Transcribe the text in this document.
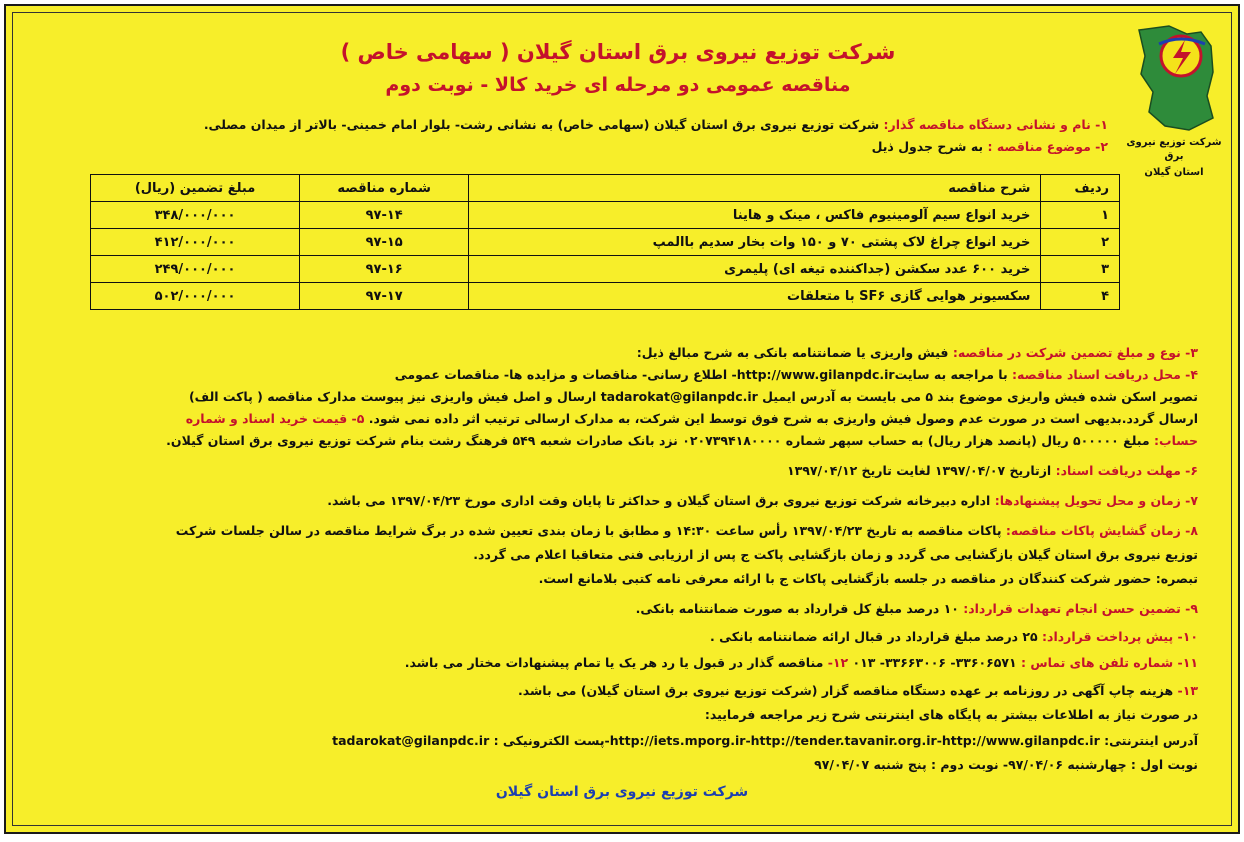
شرکت توزیع نیروی برق
استان گیلان
شرکت توزیع نیروی برق استان گیلان ( سهامی خاص )
مناقصه عمومی دو مرحله ای خرید کالا - نوبت دوم
۱- نام و نشانی دستگاه مناقصه گذار: شرکت توزیع نیروی برق استان گیلان (سهامی خاص) به نشانی رشت- بلوار امام خمینی- بالاتر از میدان مصلی.
۲- موضوع مناقصه : به شرح جدول ذیل
ردیف	شرح مناقصه	شماره مناقصه	مبلغ تضمین (ریال)
۱	خرید انواع سیم آلومینیوم فاکس ، مینک و هاینا	۹۷-۱۴	۳۴۸/۰۰۰/۰۰۰
۲	خرید انواع چراغ لاک پشتی ۷۰ و ۱۵۰ وات بخار سدیم باالمپ	۹۷-۱۵	۴۱۲/۰۰۰/۰۰۰
۳	خرید ۶۰۰ عدد سکشن (جداکننده تیغه ای) پلیمری	۹۷-۱۶	۲۴۹/۰۰۰/۰۰۰
۴	سکسیونر هوایی گازی SF۶ با متعلقات	۹۷-۱۷	۵۰۲/۰۰۰/۰۰۰
۳- نوع و مبلغ تضمین شرکت در مناقصه: فیش واریزی یا ضمانتنامه بانکی به شرح مبالغ ذیل:
۴- محل دریافت اسناد مناقصه: با مراجعه به سایتhttp://www.gilanpdc.ir- اطلاع رسانی- مناقصات و مزایده ها- مناقصات عمومی
تصویر اسکن شده فیش واریزی موضوع بند ۵ می بایست به آدرس ایمیل tadarokat@gilanpdc.ir ارسال و اصل فیش واریزی نیز پیوست مدارک مناقصه ( پاکت الف)
ارسال گردد.بدیهی است در صورت عدم وصول فیش واریزی به شرح فوق توسط این شرکت، به مدارک ارسالی ترتیب اثر داده نمی شود. ۵- قیمت خرید اسناد و شماره
حساب: مبلغ ۵۰۰۰۰۰ ریال (پانصد هزار ریال) به حساب سپهر شماره ۰۲۰۷۳۹۴۱۸۰۰۰۰ نزد بانک صادرات شعبه ۵۴۹ فرهنگ رشت بنام شرکت توزیع نیروی برق استان گیلان.
۶- مهلت دریافت اسناد: ازتاریخ ۱۳۹۷/۰۴/۰۷ لغایت تاریخ ۱۳۹۷/۰۴/۱۲
۷- زمان و محل تحویل پیشنهادها: اداره دبیرخانه شرکت توزیع نیروی برق استان گیلان و حداکثر تا پایان وقت اداری مورخ ۱۳۹۷/۰۴/۲۳ می باشد.
۸- زمان گشایش پاکات مناقصه: پاکات مناقصه به تاریخ ۱۳۹۷/۰۴/۲۳ رأس ساعت ۱۴:۳۰ و مطابق با زمان بندی تعیین شده در برگ شرایط مناقصه در سالن جلسات شرکت
توزیع نیروی برق استان گیلان بازگشایی می گردد و زمان بازگشایی پاکت ج پس از ارزیابی فنی متعاقبا اعلام می گردد.
تبصره: حضور شرکت کنندگان در مناقصه در جلسه بازگشایی پاکات ج با ارائه معرفی نامه کتبی بلامانع است.
۹- تضمین حسن انجام تعهدات قرارداد: ۱۰ درصد مبلغ کل قرارداد به صورت ضمانتنامه بانکی.
۱۰- پیش پرداخت قرارداد: ۲۵ درصد مبلغ قرارداد در قبال ارائه ضمانتنامه بانکی .
۱۱- شماره تلفن های تماس : ۳۳۶۰۶۵۷۱- ۳۳۶۶۳۰۰۶- ۰۱۳ ۱۲- مناقصه گذار در قبول یا رد هر یک یا تمام پیشنهادات مختار می باشد.
۱۳- هزینه چاپ آگهی در روزنامه بر عهده دستگاه مناقصه گزار (شرکت توزیع نیروی برق استان گیلان) می باشد.
در صورت نیاز به اطلاعات بیشتر به پایگاه های اینترنتی شرح زیر مراجعه فرمایید:
آدرس اینترنتی: http://iets.mporg.ir-http://tender.tavanir.org.ir-http://www.gilanpdc.ir-پست الکترونیکی : tadarokat@gilanpdc.ir
نوبت اول : چهارشنبه ۹۷/۰۴/۰۶- نوبت دوم : پنج شنبه ۹۷/۰۴/۰۷
شرکت توزیع نیروی برق استان گیلان
